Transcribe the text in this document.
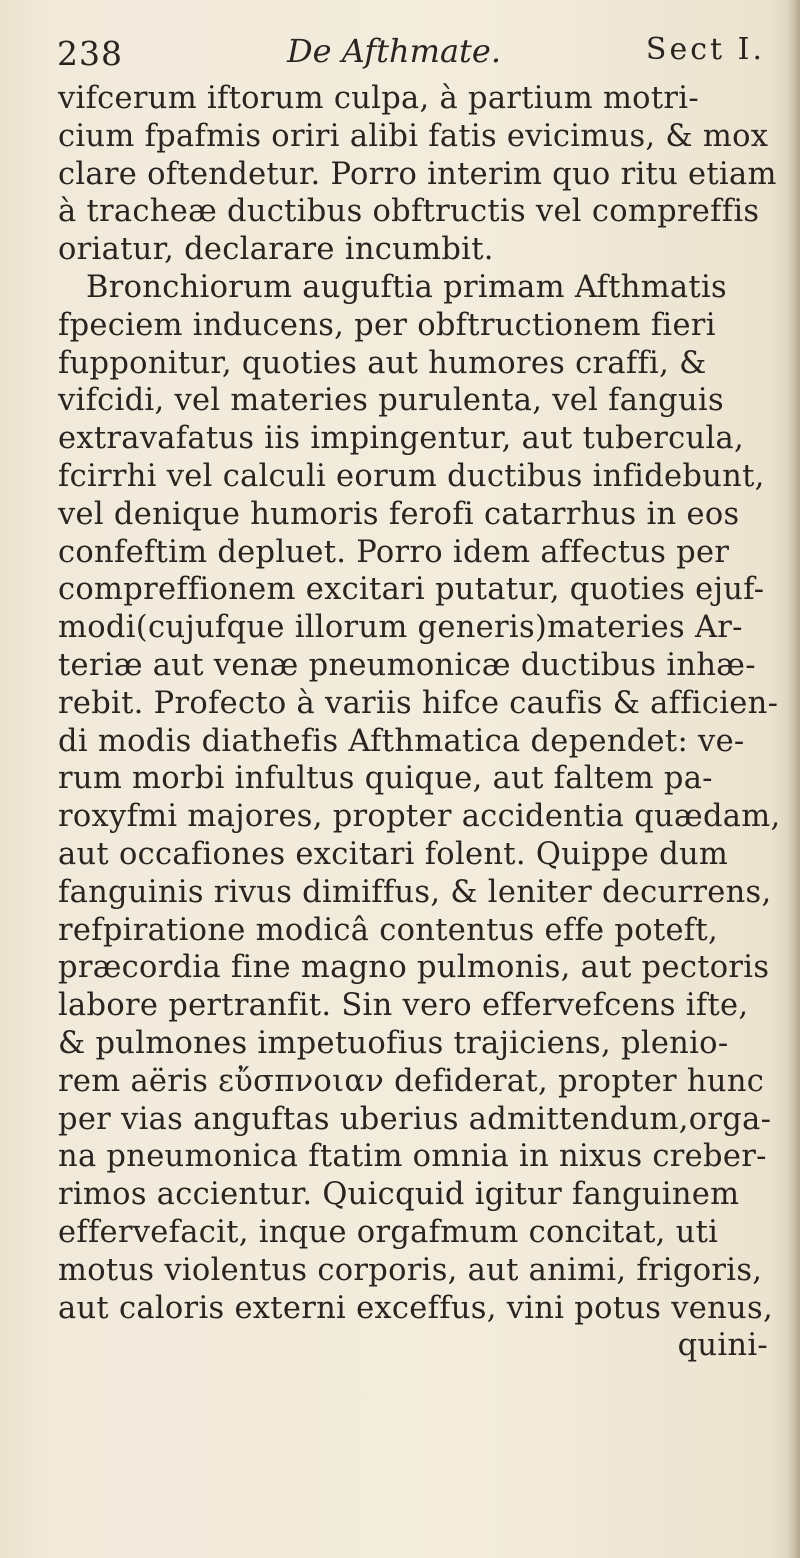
238	De Afthmate.	Sect I.
vifcerum iftorum culpa, à partium motri-
cium fpafmis oriri alibi fatis evicimus, & mox
clare oftendetur. Porro interim quo ritu etiam
à tracheæ ductibus obftructis vel compreffis
oriatur, declarare incumbit.
Bronchiorum auguftia primam Afthmatis
fpeciem inducens, per obftructionem fieri
fupponitur, quoties aut humores craffi, &
vifcidi, vel materies purulenta, vel fanguis
extravafatus iis impingentur, aut tubercula,
fcirrhi vel calculi eorum ductibus infidebunt,
vel denique humoris ferofi catarrhus in eos
confeftim depluet. Porro idem affectus per
compreffionem excitari putatur, quoties ejuf-
modi(cujufque illorum generis)materies Ar-
teriæ aut venæ pneumonicæ ductibus inhæ-
rebit. Profecto à variis hifce caufis & afficien-
di modis diathefis Afthmatica dependet: ve-
rum morbi infultus quique, aut faltem pa-
roxyfmi majores, propter accidentia quædam,
aut occafiones excitari folent. Quippe dum
fanguinis rivus dimiffus, & leniter decurrens,
refpiratione modicâ contentus effe poteft,
præcordia fine magno pulmonis, aut pectoris
labore pertranfit. Sin vero effervefcens ifte,
& pulmones impetuofius trajiciens, plenio-
rem aëris εὔσπνοιαν defiderat, propter hunc
per vias anguftas uberius admittendum,orga-
na pneumonica ftatim omnia in nixus creber-
rimos accientur. Quicquid igitur fanguinem
effervefacit, inque orgafmum concitat, uti
motus violentus corporis, aut animi, frigoris,
aut caloris externi exceffus, vini potus venus,
quini-
